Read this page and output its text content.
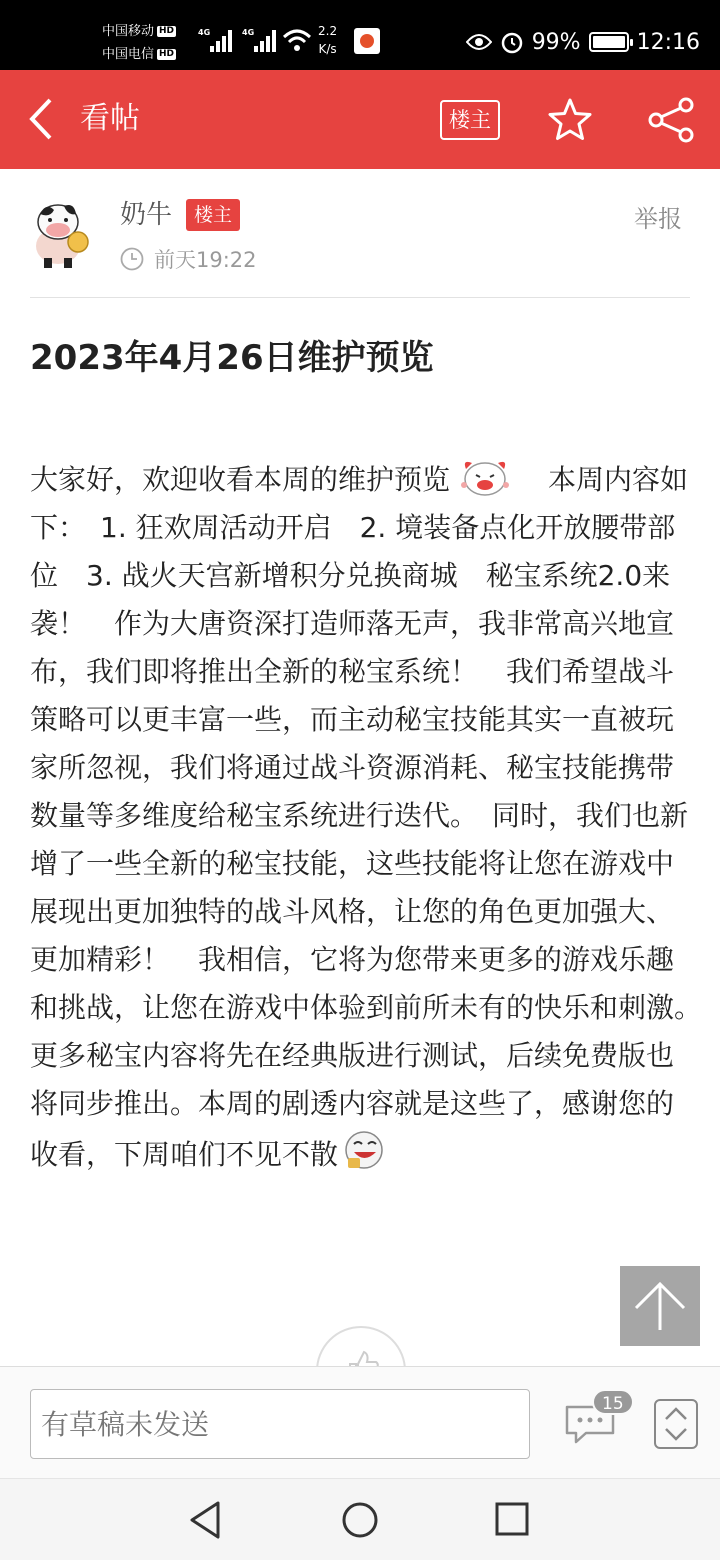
中国移动 HD
中国电信 HD
4G	4G	2.2
K/s	99%	12:16
看帖	楼主
奶牛	楼主
前天19:22
举报
2023年4月26日维护预览
大家好，欢迎收看本周的维护预览	　本周内容如下：　1. 狂欢周活动开启　2. 境装备点化开放腰带部位　3. 战火天宫新增积分兑换商城　秘宝系统2.0来袭！　作为大唐资深打造师落无声，我非常高兴地宣布，我们即将推出全新的秘宝系统！　我们希望战斗策略可以更丰富一些，而主动秘宝技能其实一直被玩家所忽视，我们将通过战斗资源消耗、秘宝技能携带数量等多维度给秘宝系统进行迭代。　同时，我们也新增了一些全新的秘宝技能，这些技能将让您在游戏中展现出更加独特的战斗风格，让您的角色更加强大、更加精彩！　我相信，它将为您带来更多的游戏乐趣和挑战，让您在游戏中体验到前所未有的快乐和刺激。　更多秘宝内容将先在经典版进行测试，后续免费版也将同步推出。本周的剧透内容就是这些了，感谢您的收看，下周咱们不见不散
有草稿未发送
15
